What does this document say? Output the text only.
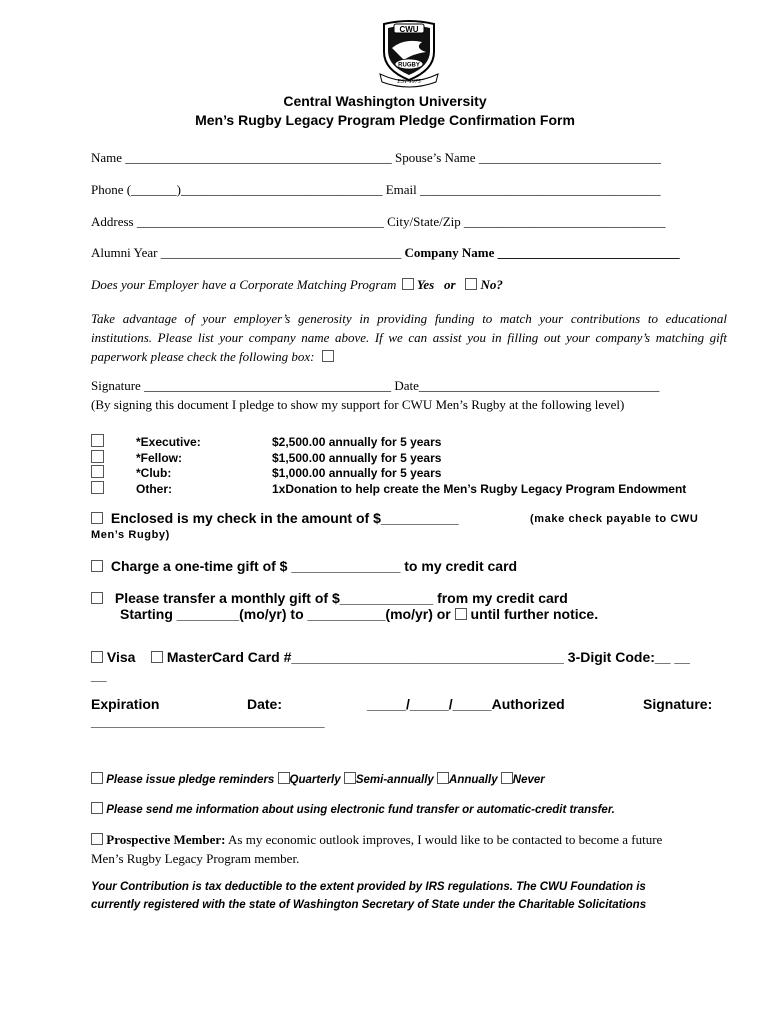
CWU
RUGBY
EST 1975
Central Washington University
Men’s Rugby Legacy Program Pledge Confirmation Form
Name _________________________________________ Spouse’s Name ____________________________
Phone (_______)_______________________________ Email _____________________________________
Address ______________________________________ City/State/Zip _______________________________
Alumni Year _____________________________________ Company Name ____________________________
Does your Employer have a Corporate Matching Program Yes or No?
Take advantage of your employer’s generosity in providing funding to match your contributions to educational institutions. Please list your company name above. If we can assist you in filling out your company’s matching gift paperwork please check the following box:
Signature ______________________________________ Date_____________________________________
(By signing this document I pledge to show my support for CWU Men’s Rugby at the following level)
*Executive:	$2,500.00 annually for 5 years
*Fellow:	$1,500.00 annually for 5 years
*Club:	$1,000.00 annually for 5 years
Other:	1xDonation to help create the Men’s Rugby Legacy Program Endowment
Enclosed is my check in the amount of $__________	(make check payable to CWU
Men’s Rugby)
Charge a one-time gift of $ ______________ to my credit card
Please transfer a monthly gift of $____________ from my credit card
Starting ________(mo/yr) to __________(mo/yr) or until further notice.
Visa MasterCard Card #___________________________________ 3-Digit Code:__ __
__
Expiration	Date:	_____/_____/_____Authorized	Signature:
______________________________
Please issue pledge reminders Quarterly Semi-annually Annually Never
Please send me information about using electronic fund transfer or automatic-credit transfer.
Prospective Member: As my economic outlook improves, I would like to be contacted to become a future
Men’s Rugby Legacy Program member.
Your Contribution is tax deductible to the extent provided by IRS regulations. The CWU Foundation is
currently registered with the state of Washington Secretary of State under the Charitable Solicitations
